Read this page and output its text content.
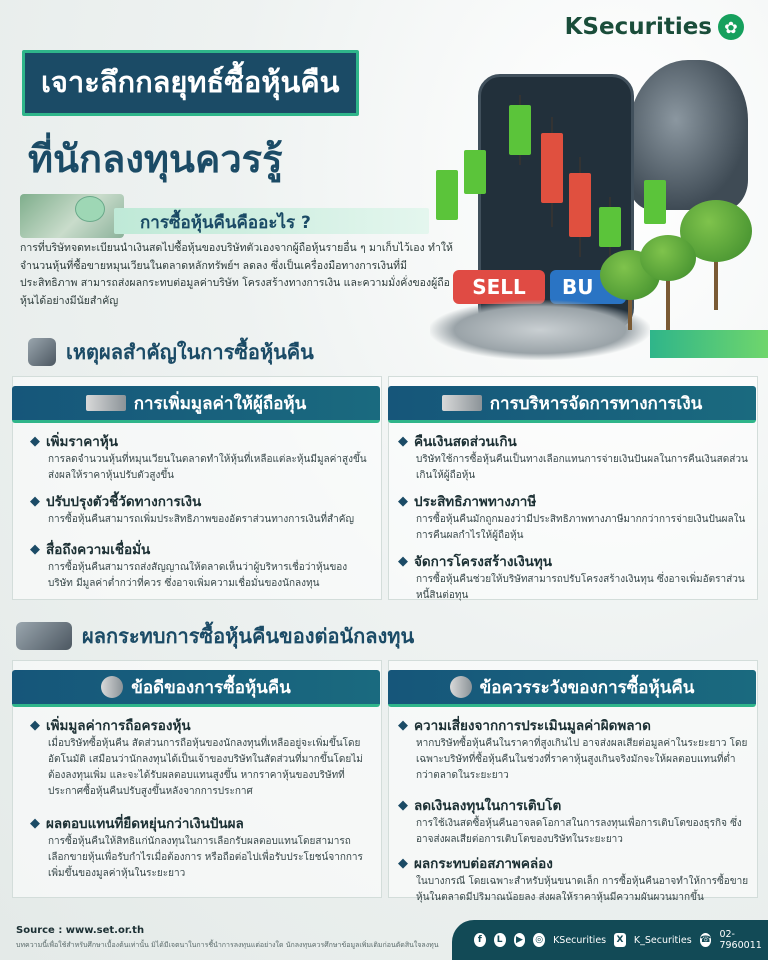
KSecurities ✿
เจาะลึกกลยุทธ์ซื้อหุ้นคืน
ที่นักลงทุนควรรู้
SELL	BU
การซื้อหุ้นคืนคืออะไร ?
การที่บริษัทจดทะเบียนนำเงินสดไปซื้อหุ้นของบริษัทตัวเองจากผู้ถือหุ้นรายอื่น ๆ มาเก็บไว้เอง ทำให้จำนวนหุ้นที่ซื้อขายหมุนเวียนในตลาดหลักทรัพย์ฯ ลดลง ซึ่งเป็นเครื่องมือทางการเงินที่มีประสิทธิภาพ สามารถส่งผลกระทบต่อมูลค่าบริษัท โครงสร้างทางการเงิน และความมั่งคั่งของผู้ถือหุ้นได้อย่างมีนัยสำคัญ
เหตุผลสำคัญในการซื้อหุ้นคืน
การเพิ่มมูลค่าให้ผู้ถือหุ้น	การบริหารจัดการทางการเงิน
◆ เพิ่มราคาหุ้น
การลดจำนวนหุ้นที่หมุนเวียนในตลาดทำให้หุ้นที่เหลือแต่ละหุ้นมีมูลค่าสูงขึ้น ส่งผลให้ราคาหุ้นปรับตัวสูงขึ้น
◆ ปรับปรุงตัวชี้วัดทางการเงิน
การซื้อหุ้นคืนสามารถเพิ่มประสิทธิภาพของอัตราส่วนทางการเงินที่สำคัญ
◆ สื่อถึงความเชื่อมั่น
การซื้อหุ้นคืนสามารถส่งสัญญาณให้ตลาดเห็นว่าผู้บริหารเชื่อว่าหุ้นของบริษัท มีมูลค่าต่ำกว่าที่ควร ซึ่งอาจเพิ่มความเชื่อมั่นของนักลงทุน
◆ คืนเงินสดส่วนเกิน
บริษัทใช้การซื้อหุ้นคืนเป็นทางเลือกแทนการจ่ายเงินปันผลในการคืนเงินสดส่วนเกินให้ผู้ถือหุ้น
◆ ประสิทธิภาพทางภาษี
การซื้อหุ้นคืนมักถูกมองว่ามีประสิทธิภาพทางภาษีมากกว่าการจ่ายเงินปันผลในการคืนผลกำไรให้ผู้ถือหุ้น
◆ จัดการโครงสร้างเงินทุน
การซื้อหุ้นคืนช่วยให้บริษัทสามารถปรับโครงสร้างเงินทุน ซึ่งอาจเพิ่มอัตราส่วนหนี้สินต่อทุน
ผลกระทบการซื้อหุ้นคืนของต่อนักลงทุน
ข้อดีของการซื้อหุ้นคืน	ข้อควรระวังของการซื้อหุ้นคืน
◆ เพิ่มมูลค่าการถือครองหุ้น
เมื่อบริษัทซื้อหุ้นคืน สัดส่วนการถือหุ้นของนักลงทุนที่เหลืออยู่จะเพิ่มขึ้นโดยอัตโนมัติ เสมือนว่านักลงทุนได้เป็นเจ้าของบริษัทในสัดส่วนที่มากขึ้นโดยไม่ต้องลงทุนเพิ่ม และจะได้รับผลตอบแทนสูงขึ้น หากราคาหุ้นของบริษัทที่ประกาศซื้อหุ้นคืนปรับสูงขึ้นหลังจากการประกาศ
◆ ผลตอบแทนที่ยืดหยุ่นกว่าเงินปันผล
การซื้อหุ้นคืนให้สิทธิแก่นักลงทุนในการเลือกรับผลตอบแทนโดยสามารถเลือกขายหุ้นเพื่อรับกำไรเมื่อต้องการ หรือถือต่อไปเพื่อรับประโยชน์จากการเพิ่มขึ้นของมูลค่าหุ้นในระยะยาว
◆ ความเสี่ยงจากการประเมินมูลค่าผิดพลาด
หากบริษัทซื้อหุ้นคืนในราคาที่สูงเกินไป อาจส่งผลเสียต่อมูลค่าในระยะยาว โดยเฉพาะบริษัทที่ซื้อหุ้นคืนในช่วงที่ราคาหุ้นสูงเกินจริงมักจะให้ผลตอบแทนที่ต่ำกว่าตลาดในระยะยาว
◆ ลดเงินลงทุนในการเติบโต
การใช้เงินสดซื้อหุ้นคืนอาจลดโอกาสในการลงทุนเพื่อการเติบโตของธุรกิจ ซึ่งอาจส่งผลเสียต่อการเติบโตของบริษัทในระยะยาว
◆ ผลกระทบต่อสภาพคล่อง
ในบางกรณี โดยเฉพาะสำหรับหุ้นขนาดเล็ก การซื้อหุ้นคืนอาจทำให้การซื้อขายหุ้นในตลาดมีปริมาณน้อยลง ส่งผลให้ราคาหุ้นมีความผันผวนมากขึ้น
Source : www.set.or.th
บทความนี้เพื่อใช้สำหรับศึกษาเบื้องต้นเท่านั้น มิได้มีเจตนาในการชี้นำการลงทุนแต่อย่างใด นักลงทุนควรศึกษาข้อมูลเพิ่มเติมก่อนตัดสินใจลงทุน	f	L	▶ ◎ KSecurities X K_Securities ☎ 02-7960011
